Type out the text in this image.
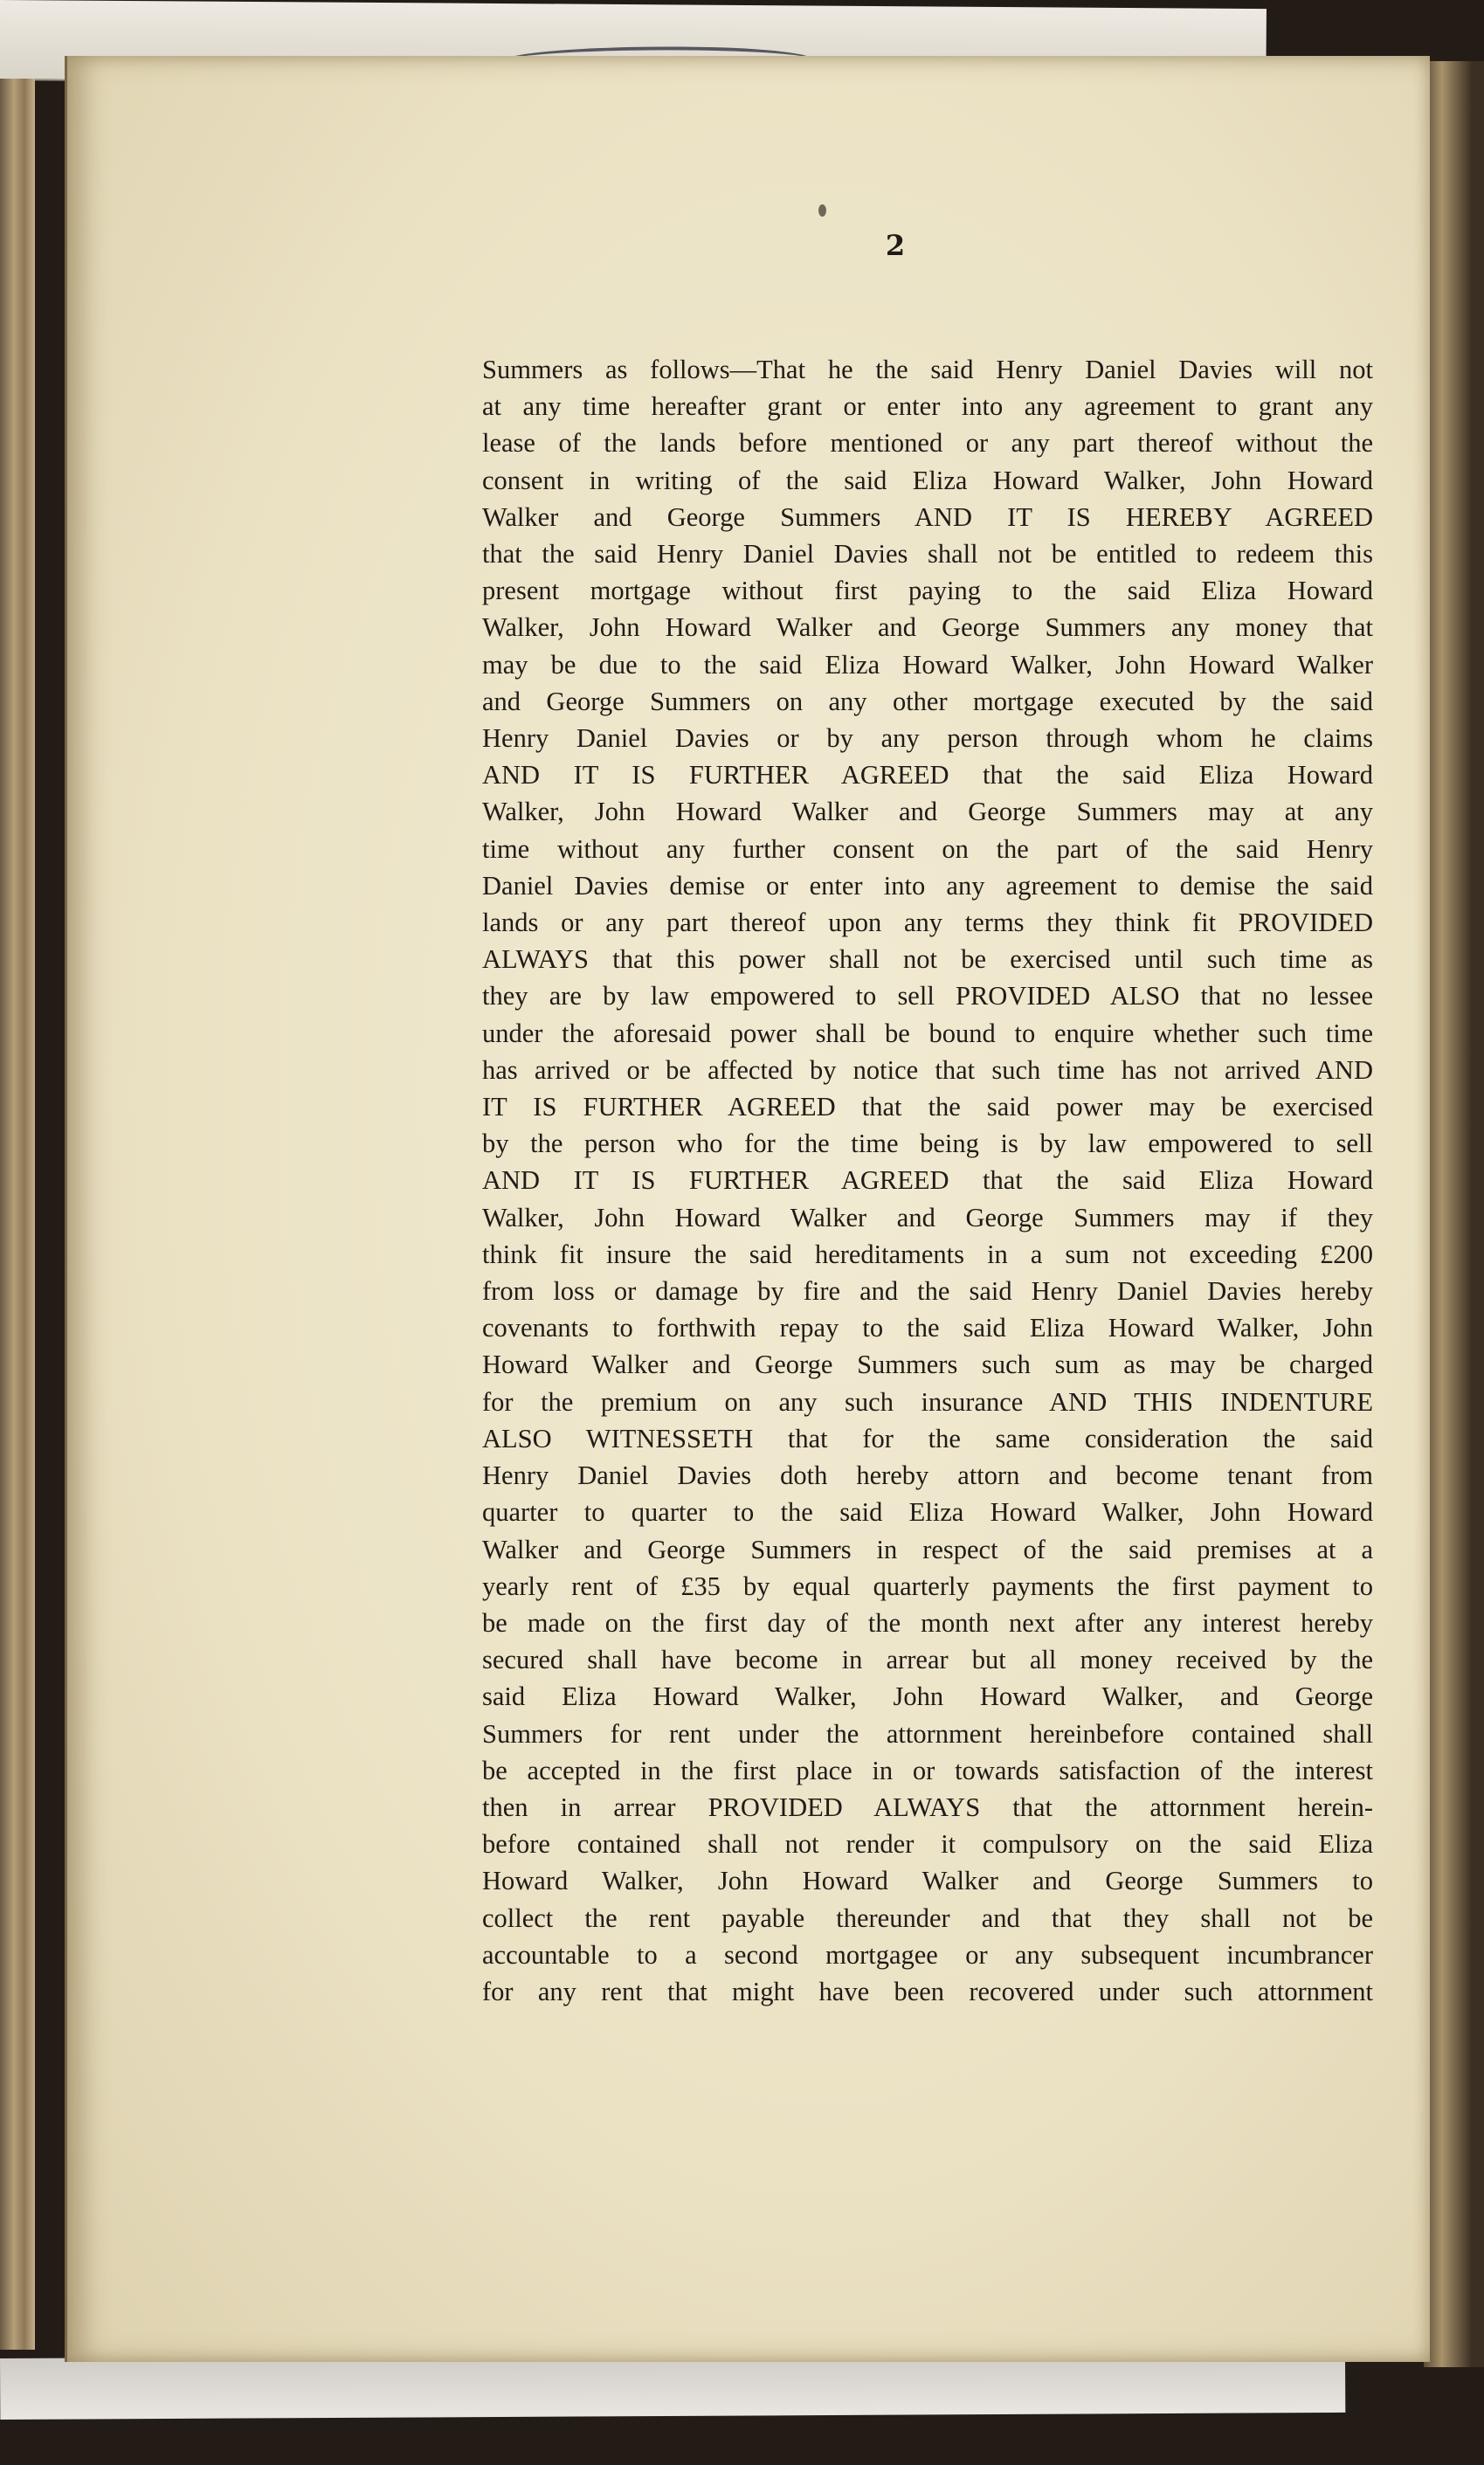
2
Summers as follows—That he the said Henry Daniel Davies will not
at any time hereafter grant or enter into any agreement to grant any
lease of the lands before mentioned or any part thereof without the
consent in writing of the said Eliza Howard Walker, John Howard
Walker and George Summers AND IT IS HEREBY AGREED
that the said Henry Daniel Davies shall not be entitled to redeem this
present mortgage without first paying to the said Eliza Howard
Walker, John Howard Walker and George Summers any money that
may be due to the said Eliza Howard Walker, John Howard Walker
and George Summers on any other mortgage executed by the said
Henry Daniel Davies or by any person through whom he claims
AND IT IS FURTHER AGREED that the said Eliza Howard
Walker, John Howard Walker and George Summers may at any
time without any further consent on the part of the said Henry
Daniel Davies demise or enter into any agreement to demise the said
lands or any part thereof upon any terms they think fit PROVIDED
ALWAYS that this power shall not be exercised until such time as
they are by law empowered to sell PROVIDED ALSO that no lessee
under the aforesaid power shall be bound to enquire whether such time
has arrived or be affected by notice that such time has not arrived AND
IT IS FURTHER AGREED that the said power may be exercised
by the person who for the time being is by law empowered to sell
AND IT IS FURTHER AGREED that the said Eliza Howard
Walker, John Howard Walker and George Summers may if they
think fit insure the said hereditaments in a sum not exceeding £200
from loss or damage by fire and the said Henry Daniel Davies hereby
covenants to forthwith repay to the said Eliza Howard Walker, John
Howard Walker and George Summers such sum as may be charged
for the premium on any such insurance AND THIS INDENTURE
ALSO WITNESSETH that for the same consideration the said
Henry Daniel Davies doth hereby attorn and become tenant from
quarter to quarter to the said Eliza Howard Walker, John Howard
Walker and George Summers in respect of the said premises at a
yearly rent of £35 by equal quarterly payments the first payment to
be made on the first day of the month next after any interest hereby
secured shall have become in arrear but all money received by the
said Eliza Howard Walker, John Howard Walker, and George
Summers for rent under the attornment hereinbefore contained shall
be accepted in the first place in or towards satisfaction of the interest
then in arrear PROVIDED ALWAYS that the attornment herein-
before contained shall not render it compulsory on the said Eliza
Howard Walker, John Howard Walker and George Summers to
collect the rent payable thereunder and that they shall not be
accountable to a second mortgagee or any subsequent incumbrancer
for any rent that might have been recovered under such attornment
